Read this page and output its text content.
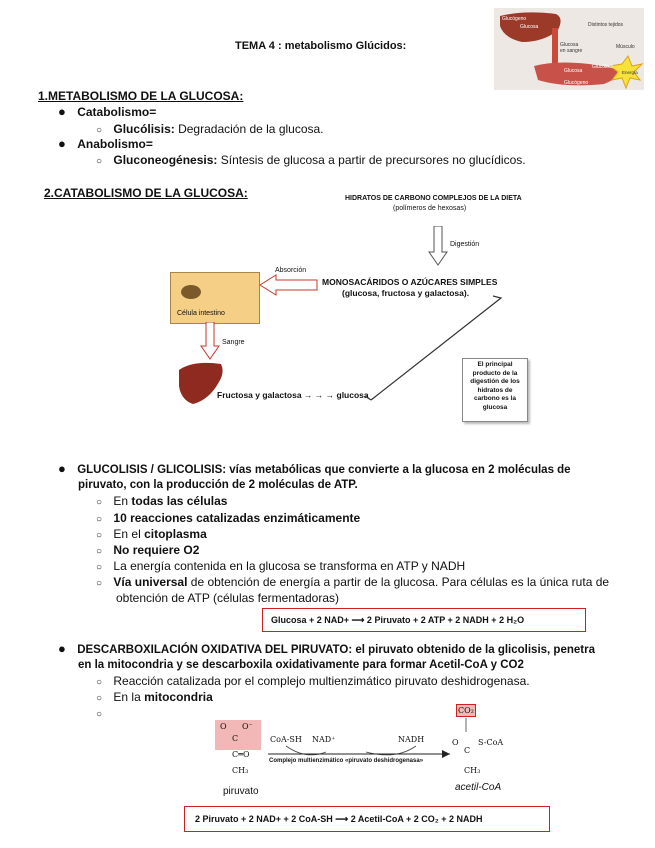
Glucógeno
Glucosa
Glucosa
en sangre
Distintos tejidos
Músculo
Glucosa
Glucólisis
Energía
Glucógeno
TEMA 4 : metabolismo Glúcidos:
1.METABOLISMO DE LA GLUCOSA:
● Catabolismo=
○ Glucólisis: Degradación de la glucosa.
● Anabolismo=
○ Gluconeogénesis: Síntesis de glucosa a partir de precursores no glucídicos.
2.CATABOLISMO DE LA GLUCOSA:	HIDRATOS DE CARBONO COMPLEJOS DE LA DIETA
(polímeros de hexosas)
Digestión
MONOSACÁRIDOS O AZÚCARES SIMPLES
(glucosa, fructosa y galactosa).
Absorción
Célula intestino
Sangre
Fructosa y galactosa → → → glucosa
El principal producto de la digestión de los hidratos de carbono es la glucosa
● GLUCOLISIS / GLICOLISIS: vías metabólicas que convierte a la glucosa en 2 moléculas de
piruvato, con la producción de 2 moléculas de ATP.
○ En todas las células
○ 10 reacciones catalizadas enzimáticamente
○ En el citoplasma
○ No requiere O2
○ La energía contenida en la glucosa se transforma en ATP y NADH
○ Vía universal de obtención de energía a partir de la glucosa. Para células es la única ruta de
obtención de ATP (células fermentadoras)
Glucosa + 2 NAD+ ⟶ 2 Piruvato + 2 ATP + 2 NADH + 2 H₂O
● DESCARBOXILACIÓN OXIDATIVA DEL PIRUVATO: el piruvato obtenido de la glicolisis, penetra
en la mitocondria y se descarboxila oxidativamente para formar Acetil-CoA y CO2
○ Reacción catalizada por el complejo multienzimático piruvato deshidrogenasa.
○ En la mitocondria
○
O O⁻
C
C═O
CH₃
piruvato
CoA-SH NAD⁺	NADH
Complejo multienzimático «piruvato deshidrogenasa»
CO₂
O
C
S-CoA
CH₃
acetil-CoA
2 Piruvato + 2 NAD+ + 2 CoA-SH ⟶ 2 Acetil-CoA + 2 CO₂ + 2 NADH
